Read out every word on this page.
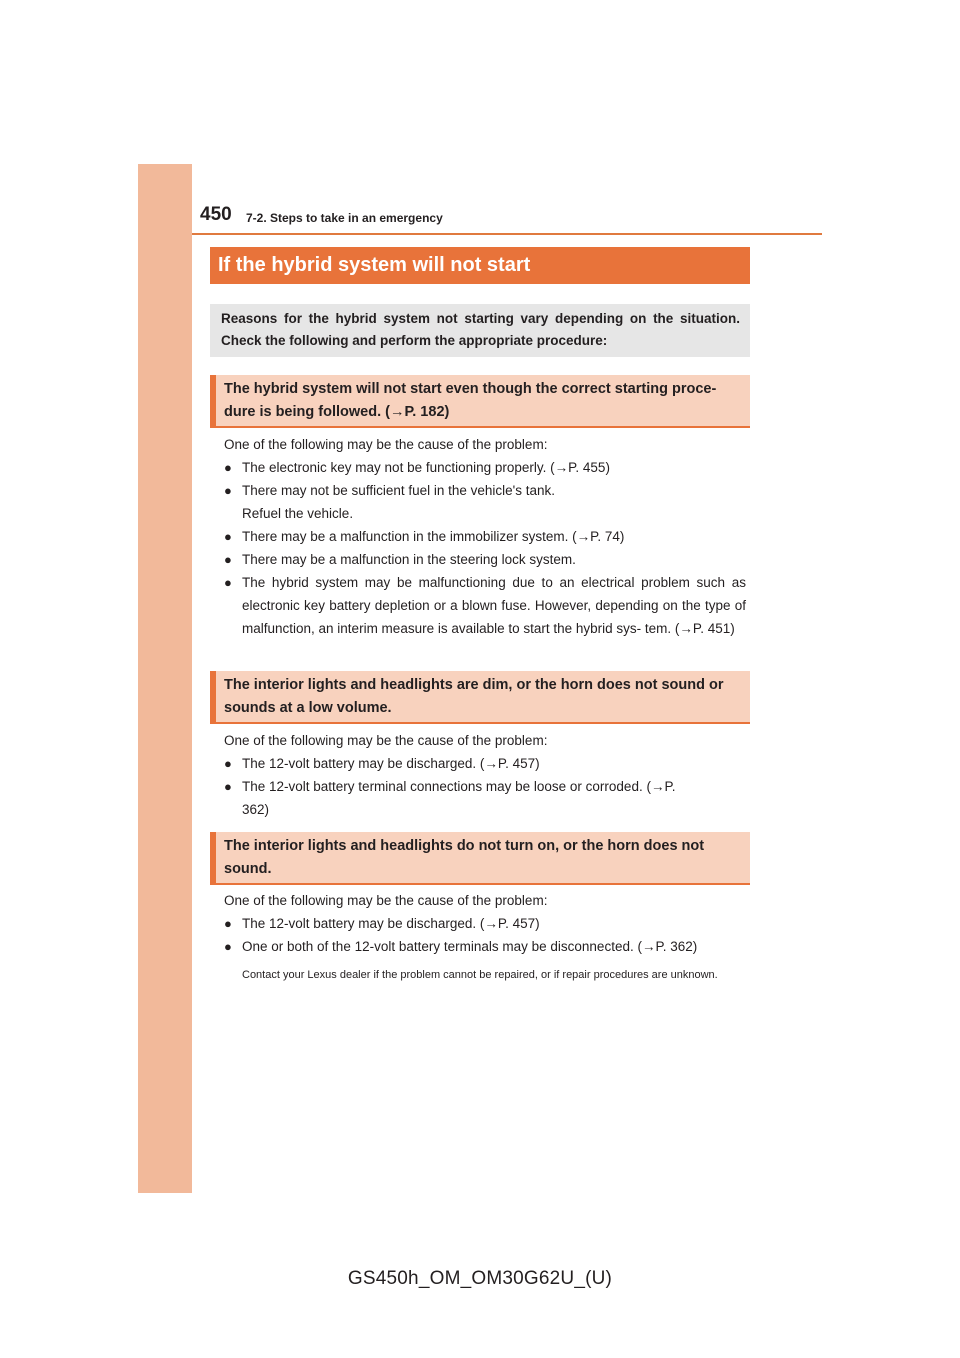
450 7-2. Steps to take in an emergency
If the hybrid system will not start
Reasons for the hybrid system not starting vary depending on the situation. Check the following and perform the appropriate procedure:
The hybrid system will not start even though the correct starting proce- dure is being followed. (→P. 182)
One of the following may be the cause of the problem:
● The electronic key may not be functioning properly. (→P. 455)
● There may not be sufficient fuel in the vehicle's tank.
Refuel the vehicle.
● There may be a malfunction in the immobilizer system. (→P. 74)
● There may be a malfunction in the steering lock system.
● The hybrid system may be malfunctioning due to an electrical problem such as electronic key battery depletion or a blown fuse. However, depending on the type of malfunction, an interim measure is available to start the hybrid sys- tem. (→P. 451)
The interior lights and headlights are dim, or the horn does not sound or sounds at a low volume.
One of the following may be the cause of the problem:
● The 12-volt battery may be discharged. (→P. 457)
● The 12-volt battery terminal connections may be loose or corroded. (→P. 362)
The interior lights and headlights do not turn on, or the horn does not sound.
One of the following may be the cause of the problem:
● The 12-volt battery may be discharged. (→P. 457)
● One or both of the 12-volt battery terminals may be disconnected. (→P. 362)
Contact your Lexus dealer if the problem cannot be repaired, or if repair procedures are unknown.
GS450h_OM_OM30G62U_(U)
